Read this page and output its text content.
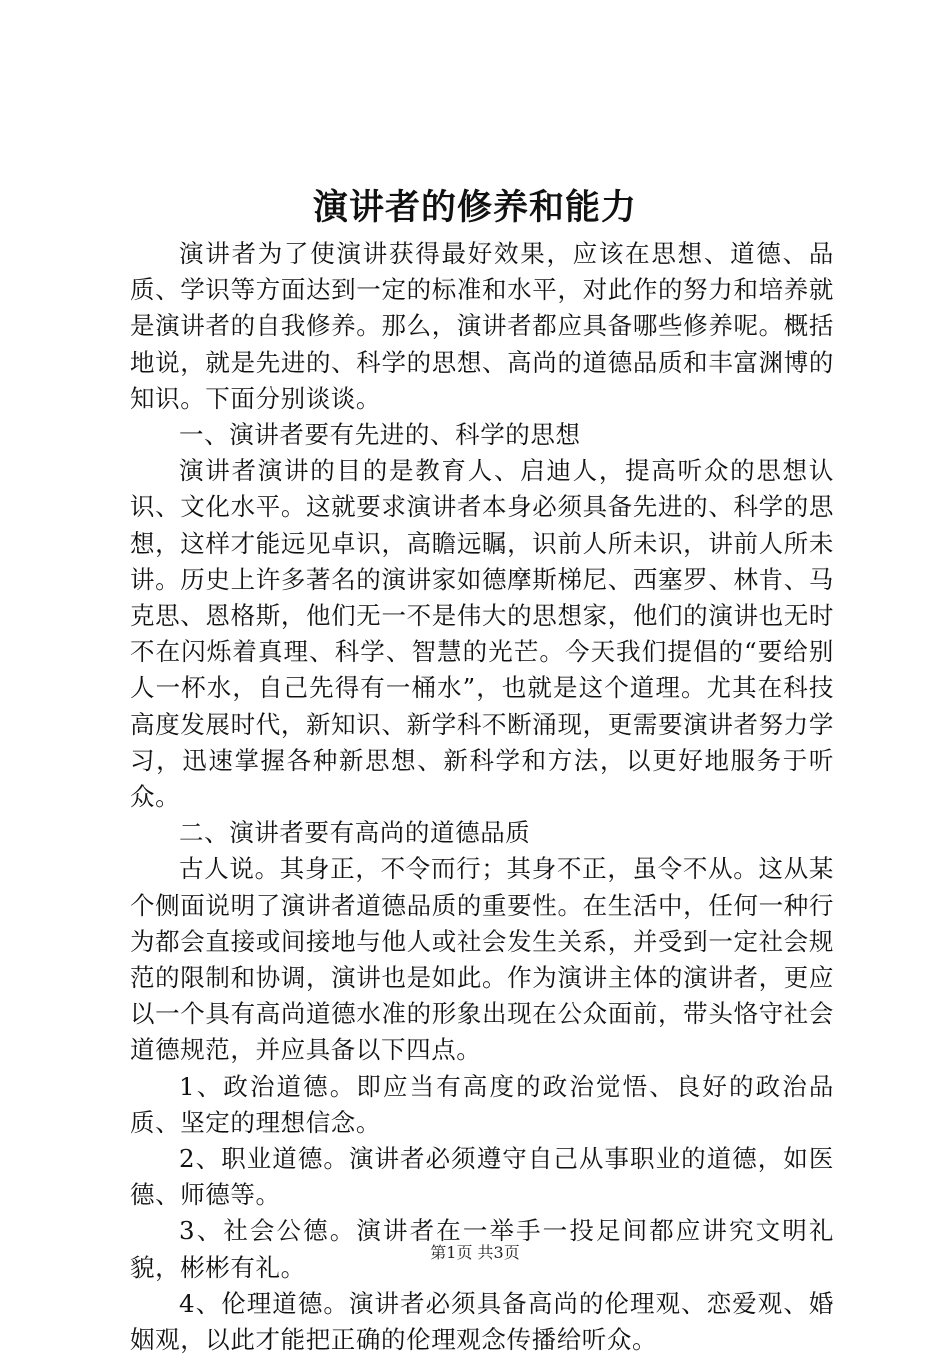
演讲者的修养和能力

演讲者为了使演讲获得最好效果，应该在思想、道德、品质、学识等方面达到一定的标准和水平，对此作的努力和培养就是演讲者的自我修养。那么，演讲者都应具备哪些修养呢。概括地说，就是先进的、科学的思想、高尚的道德品质和丰富渊博的知识。下面分别谈谈。

一、演讲者要有先进的、科学的思想

演讲者演讲的目的是教育人、启迪人，提高听众的思想认识、文化水平。这就要求演讲者本身必须具备先进的、科学的思想，这样才能远见卓识，高瞻远瞩，识前人所未识，讲前人所未讲。历史上许多著名的演讲家如德摩斯梯尼、西塞罗、林肯、马克思、恩格斯，他们无一不是伟大的思想家，他们的演讲也无时不在闪烁着真理、科学、智慧的光芒。今天我们提倡的“要给别人一杯水，自己先得有一桶水”，也就是这个道理。尤其在科技高度发展时代，新知识、新学科不断涌现，更需要演讲者努力学习，迅速掌握各种新思想、新科学和方法，以更好地服务于听众。

二、演讲者要有高尚的道德品质

古人说。其身正，不令而行；其身不正，虽令不从。这从某个侧面说明了演讲者道德品质的重要性。在生活中，任何一种行为都会直接或间接地与他人或社会发生关系，并受到一定社会规范的限制和协调，演讲也是如此。作为演讲主体的演讲者，更应以一个具有高尚道德水准的形象出现在公众面前，带头恪守社会道德规范，并应具备以下四点。

1、政治道德。即应当有高度的政治觉悟、良好的政治品质、坚定的理想信念。

2、职业道德。演讲者必须遵守自己从事职业的道德，如医德、师德等。

3、社会公德。演讲者在一举手一投足间都应讲究文明礼貌，彬彬有礼。

4、伦理道德。演讲者必须具备高尚的伦理观、恋爱观、婚姻观，以此才能把正确的伦理观念传播给听众。

第1页 共3页
